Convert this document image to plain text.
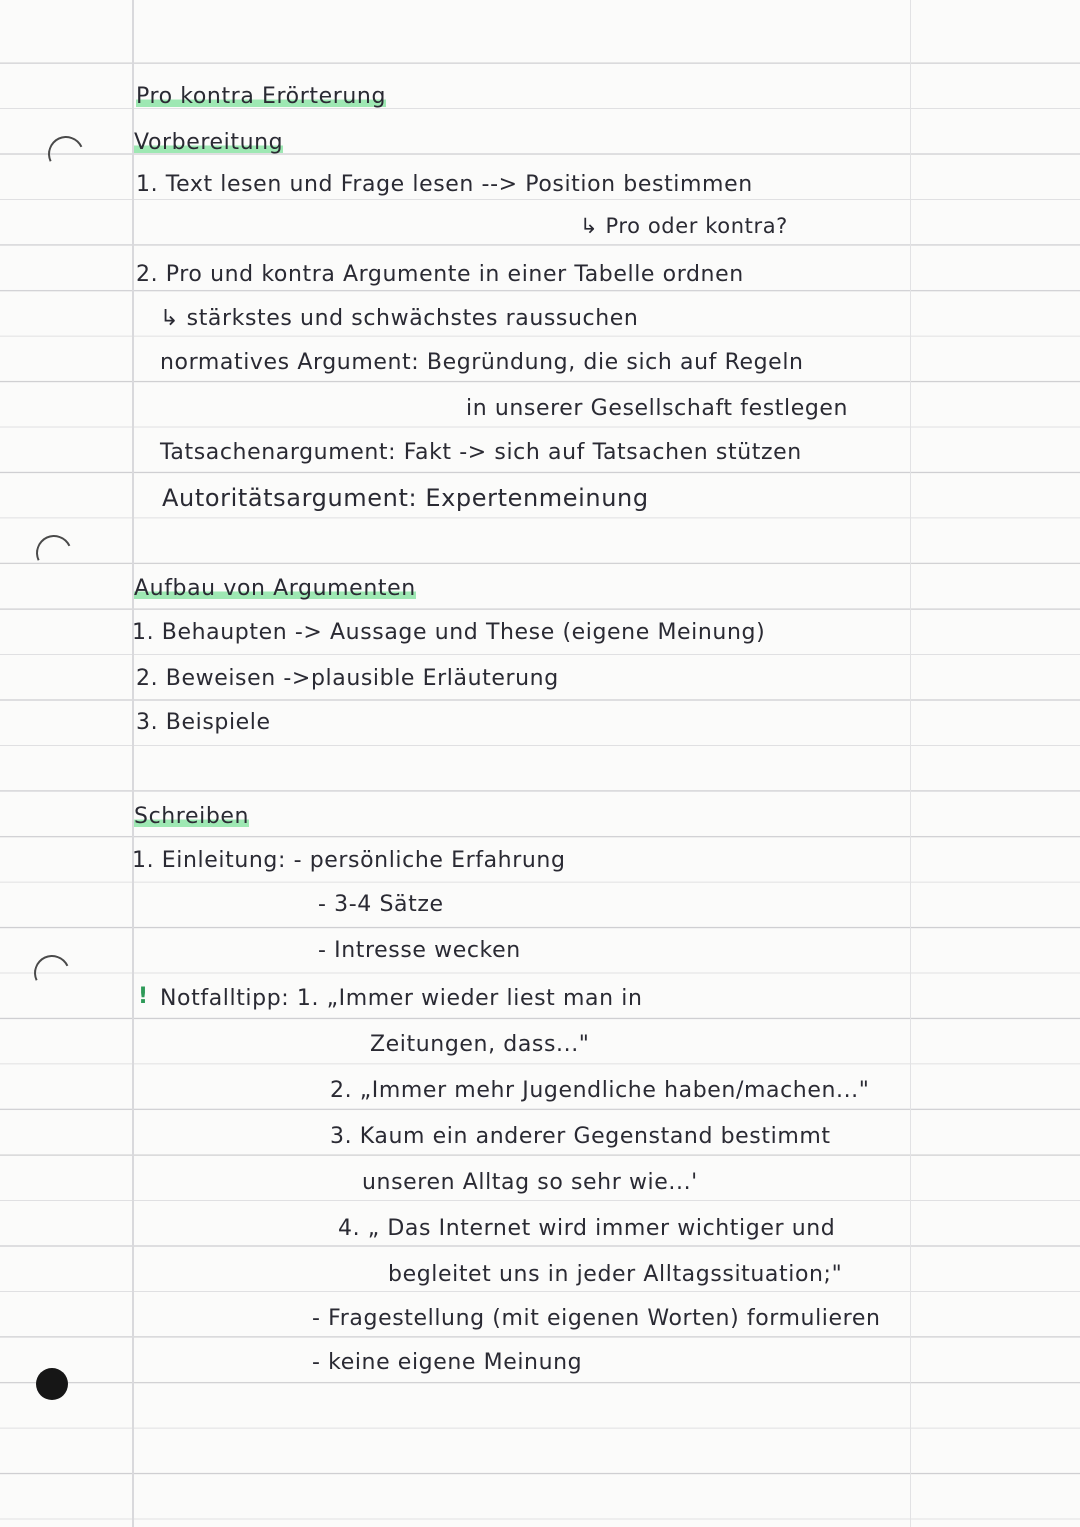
Pro kontra Erörterung
Vorbereitung
1. Text lesen und Frage lesen --> Position bestimmen
↳ Pro oder kontra?
2. Pro und kontra Argumente in einer Tabelle ordnen
↳ stärkstes und schwächstes raussuchen
normatives Argument: Begründung, die sich auf Regeln
in unserer Gesellschaft festlegen
Tatsachenargument: Fakt -> sich auf Tatsachen stützen
Autoritätsargument: Expertenmeinung
Aufbau von Argumenten
1. Behaupten -> Aussage und These (eigene Meinung)
2. Beweisen ->plausible Erläuterung
3. Beispiele
Schreiben
1. Einleitung: - persönliche Erfahrung
- 3-4 Sätze
- Intresse wecken
! Notfalltipp: 1. „Immer wieder liest man in
Zeitungen, dass..."
2. „Immer mehr Jugendliche haben/machen..."
3. Kaum ein anderer Gegenstand bestimmt
unseren Alltag so sehr wie...'
4. „ Das Internet wird immer wichtiger und
begleitet uns in jeder Alltagssituation;"
- Fragestellung (mit eigenen Worten) formulieren
- keine eigene Meinung
